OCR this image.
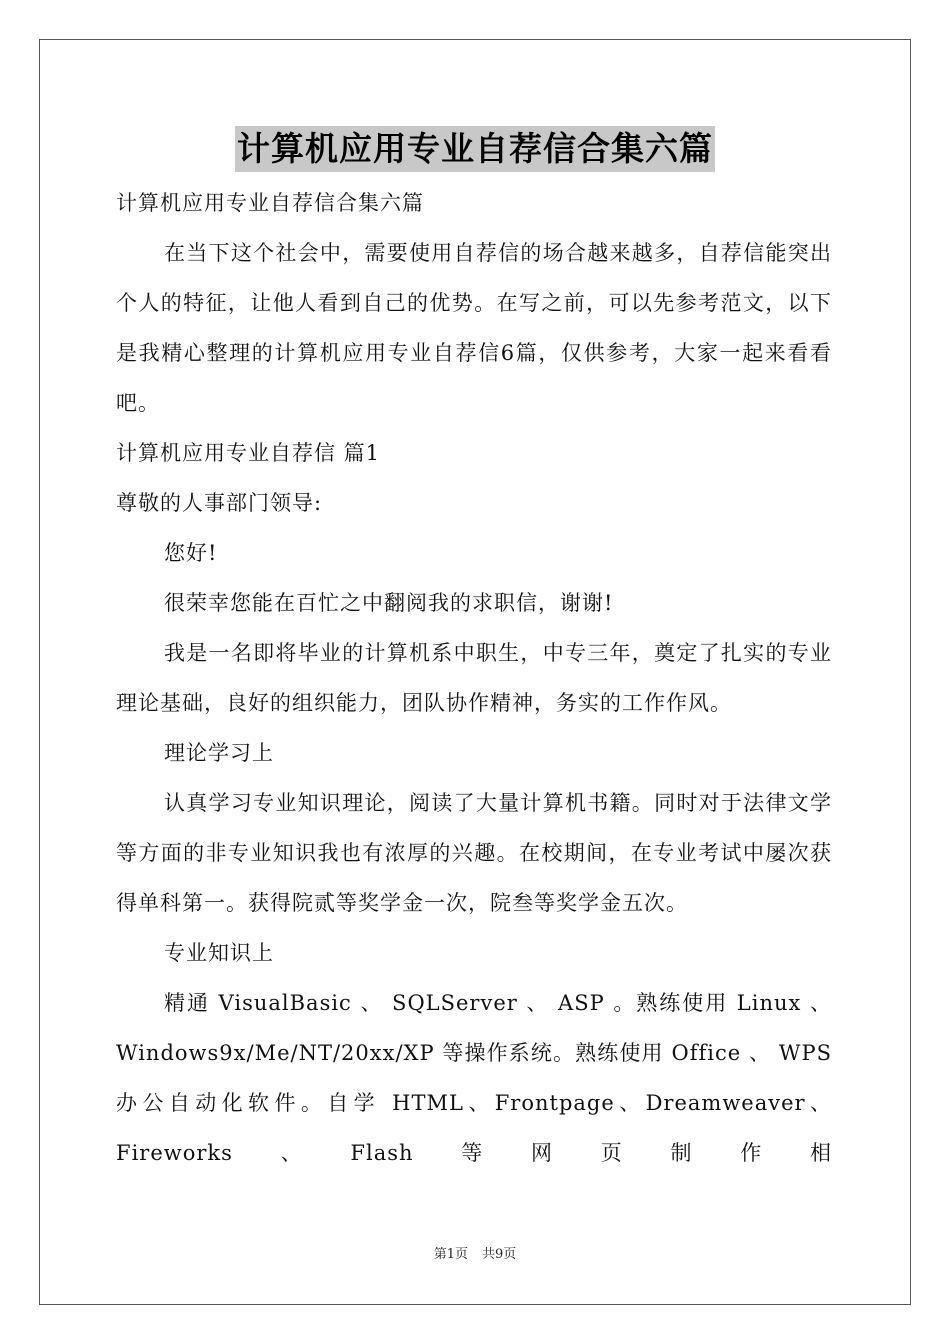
计算机应用专业自荐信合集六篇

计算机应用专业自荐信合集六篇

在当下这个社会中，需要使用自荐信的场合越来越多，自荐信能突出个人的特征，让他人看到自己的优势。在写之前，可以先参考范文，以下是我精心整理的计算机应用专业自荐信6篇，仅供参考，大家一起来看看吧。

计算机应用专业自荐信 篇1

尊敬的人事部门领导:

您好!

很荣幸您能在百忙之中翻阅我的求职信，谢谢!

我是一名即将毕业的计算机系中职生，中专三年，奠定了扎实的专业理论基础，良好的组织能力，团队协作精神，务实的工作作风。

理论学习上

认真学习专业知识理论，阅读了大量计算机书籍。同时对于法律文学等方面的非专业知识我也有浓厚的兴趣。在校期间，在专业考试中屡次获得单科第一。获得院贰等奖学金一次，院叁等奖学金五次。

专业知识上

精通 VisualBasic 、 SQLServer 、 ASP 。熟练使用 Linux 、 Windows9x/Me/NT/20xx/XP 等操作系统。熟练使用 Office 、 WPS 办公自动化软件。自学 HTML、Frontpage、Dreamweaver、Fireworks、Flash等网页制作相

第1页 共9页
